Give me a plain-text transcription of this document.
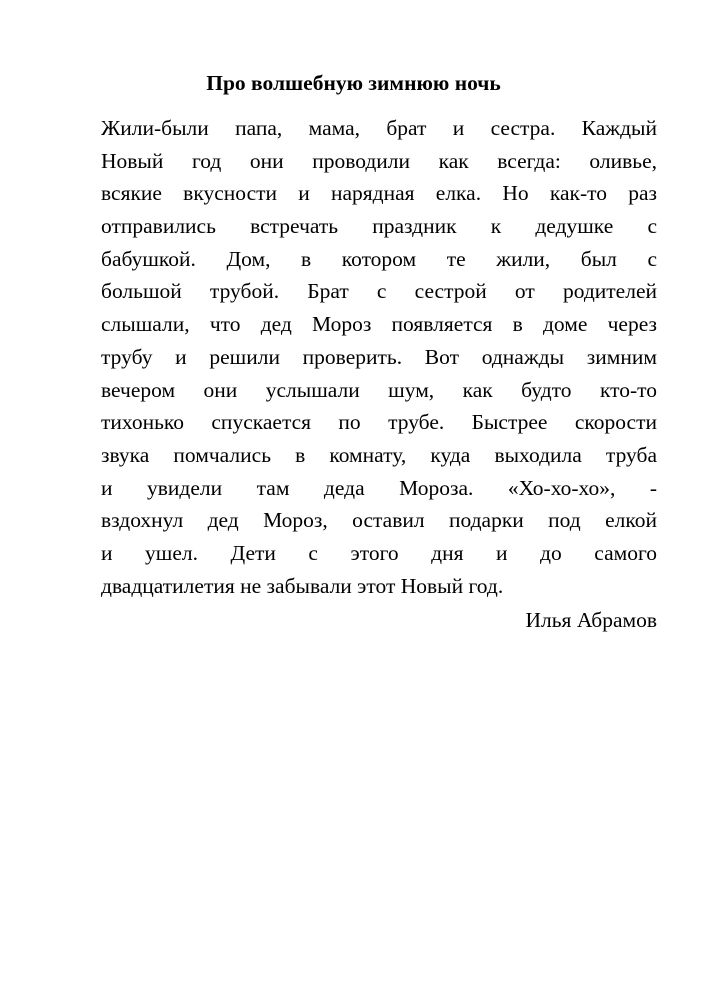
Про волшебную зимнюю ночь
Жили-были папа, мама, брат и сестра. Каждый
Новый год они проводили как всегда: оливье,
всякие вкусности и нарядная елка. Но как-то раз
отправились встречать праздник к дедушке с
бабушкой. Дом, в котором те жили, был с
большой трубой. Брат с сестрой от родителей
слышали, что дед Мороз появляется в доме через
трубу и решили проверить. Вот однажды зимним
вечером они услышали шум, как будто кто-то
тихонько спускается по трубе. Быстрее скорости
звука помчались в комнату, куда выходила труба
и увидели там деда Мороза. «Хо-хо-хо», -
вздохнул дед Мороз, оставил подарки под елкой
и ушел. Дети с этого дня и до самого
двадцатилетия не забывали этот Новый год.

Илья Абрамов
